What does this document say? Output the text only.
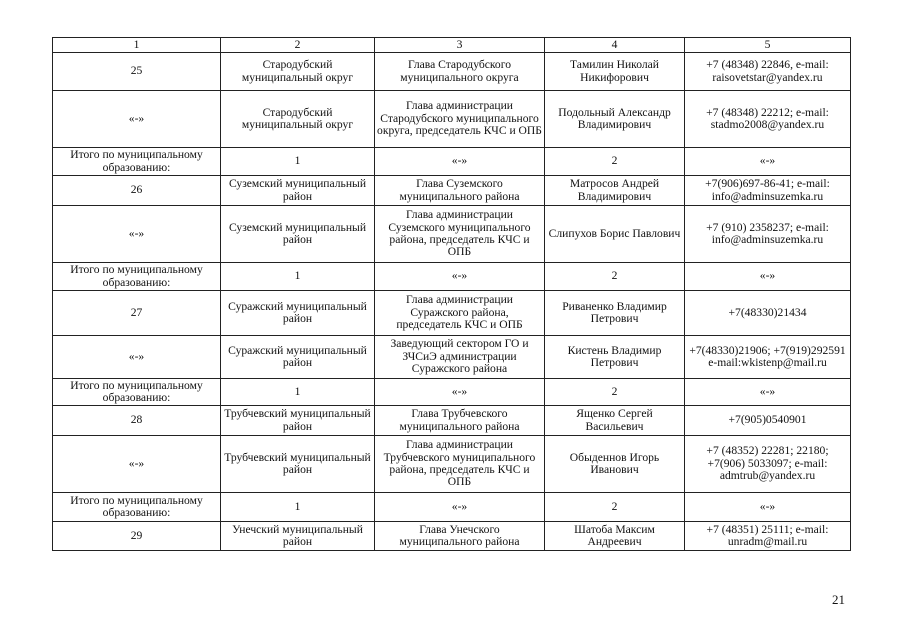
1	2	3	4	5
25	Стародубский муниципальный округ	Глава Стародубского муниципального округа	Тамилин Николай Никифорович	+7 (48348) 22846, e-mail: raisovetstar@yandex.ru
«-»	Стародубский муниципальный округ	Глава администрации Стародубского муниципального округа, председатель КЧС и ОПБ	Подольный Александр Владимирович	+7 (48348) 22212; e-mail: stadmo2008@yandex.ru
Итого по муниципальному образованию:	1	«-»	2	«-»
26	Суземский муниципальный район	Глава Суземского муниципального района	Матросов Андрей Владимирович	+7(906)697-86-41; e-mail: info@adminsuzemka.ru
«-»	Суземский муниципальный район	Глава администрации Суземского муниципального района, председатель КЧС и ОПБ	Слипухов Борис Павлович	+7 (910) 2358237; e-mail: info@adminsuzemka.ru
Итого по муниципальному образованию:	1	«-»	2	«-»
27	Суражский муниципальный район	Глава администрации Суражского района, председатель КЧС и ОПБ	Риваненко Владимир Петрович	+7(48330)21434
«-»	Суражский муниципальный район	Заведующий сектором ГО и ЗЧСиЭ администрации Суражского района	Кистень Владимир Петрович	+7(48330)21906; +7(919)292591 e-mail:wkistenp@mail.ru
Итого по муниципальному образованию:	1	«-»	2	«-»
28	Трубчевский муниципальный район	Глава Трубчевского муниципального района	Ященко Сергей Васильевич	+7(905)0540901
«-»	Трубчевский муниципальный район	Глава администрации Трубчевского муниципального района, председатель КЧС и ОПБ	Обыденнов Игорь Иванович	+7 (48352) 22281; 22180; +7(906) 5033097; e-mail: admtrub@yandex.ru
Итого по муниципальному образованию:	1	«-»	2	«-»
29	Унечский муниципальный район	Глава Унечского муниципального района	Шатоба Максим Андреевич	+7 (48351) 25111; e-mail: unradm@mail.ru
21
